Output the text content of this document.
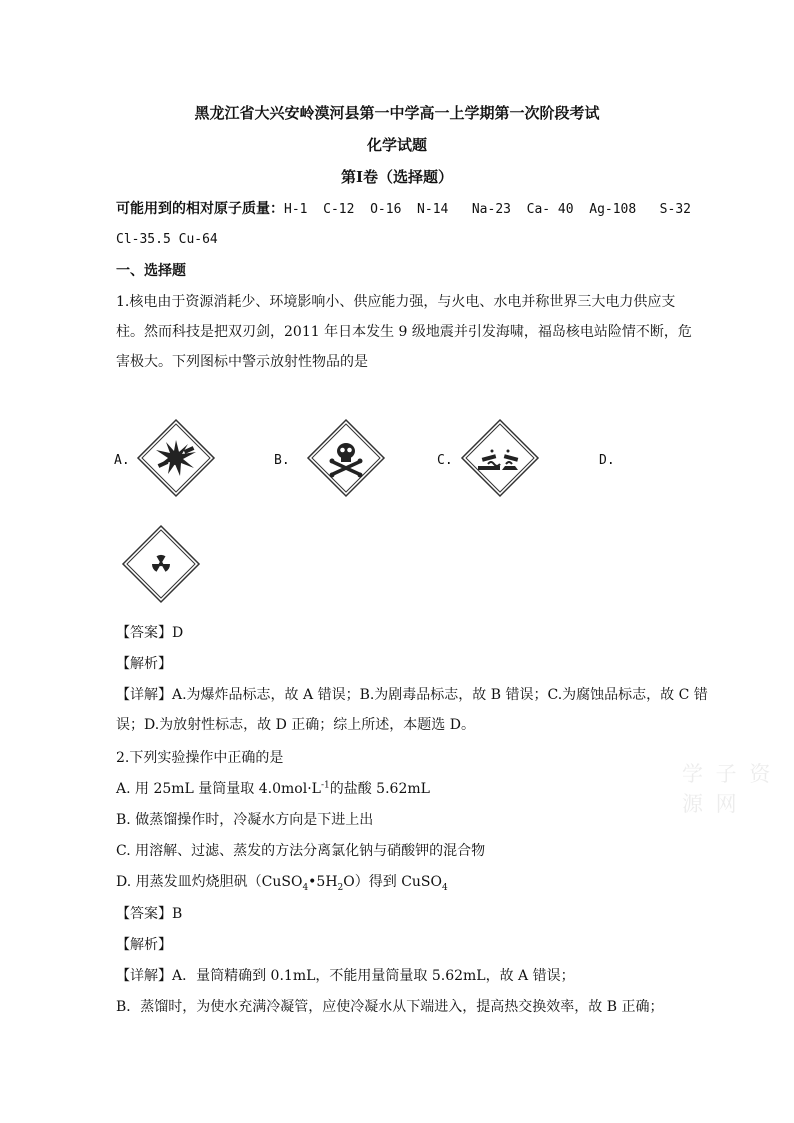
黑龙江省大兴安岭漠河县第一中学高一上学期第一次阶段考试
化学试题
第Ⅰ卷（选择题）
可能用到的相对原子质量：H-1  C-12  O-16  N-14   Na-23  Ca- 40  Ag-108   S-32
Cl-35.5 Cu-64
一、选择题
1.核电由于资源消耗少、环境影响小、供应能力强，与火电、水电并称世界三大电力供应支
柱。然而科技是把双刃剑，2011 年日本发生 9 级地震并引发海啸，福岛核电站险情不断，危
害极大。下列图标中警示放射性物品的是
A.	B.	C.	D.
【答案】D
【解析】
【详解】A.为爆炸品标志，故 A 错误；B.为剧毒品标志，故 B 错误；C.为腐蚀品标志，故 C 错
误；D.为放射性标志，故 D 正确；综上所述，本题选 D。
2.下列实验操作中正确的是
A. 用 25mL 量筒量取 $4.0mol\cdot L^{-1}$的盐酸 5.62mL
B. 做蒸馏操作时，冷凝水方向是下进上出
C. 用溶解、过滤、蒸发的方法分离氯化钠与硝酸钾的混合物
D. 用蒸发皿灼烧胆矾$(CuSO_4•5H_2O)$得到 CuSO$_4$
【答案】B
【解析】
【详解】A．量筒精确到 0.1mL，不能用量筒量取 5.62mL，故 A 错误；
B．蒸馏时，为使水充满冷凝管，应使冷凝水从下端进入，提高热交换效率，故 B 正确；
学 子 资 源 网
